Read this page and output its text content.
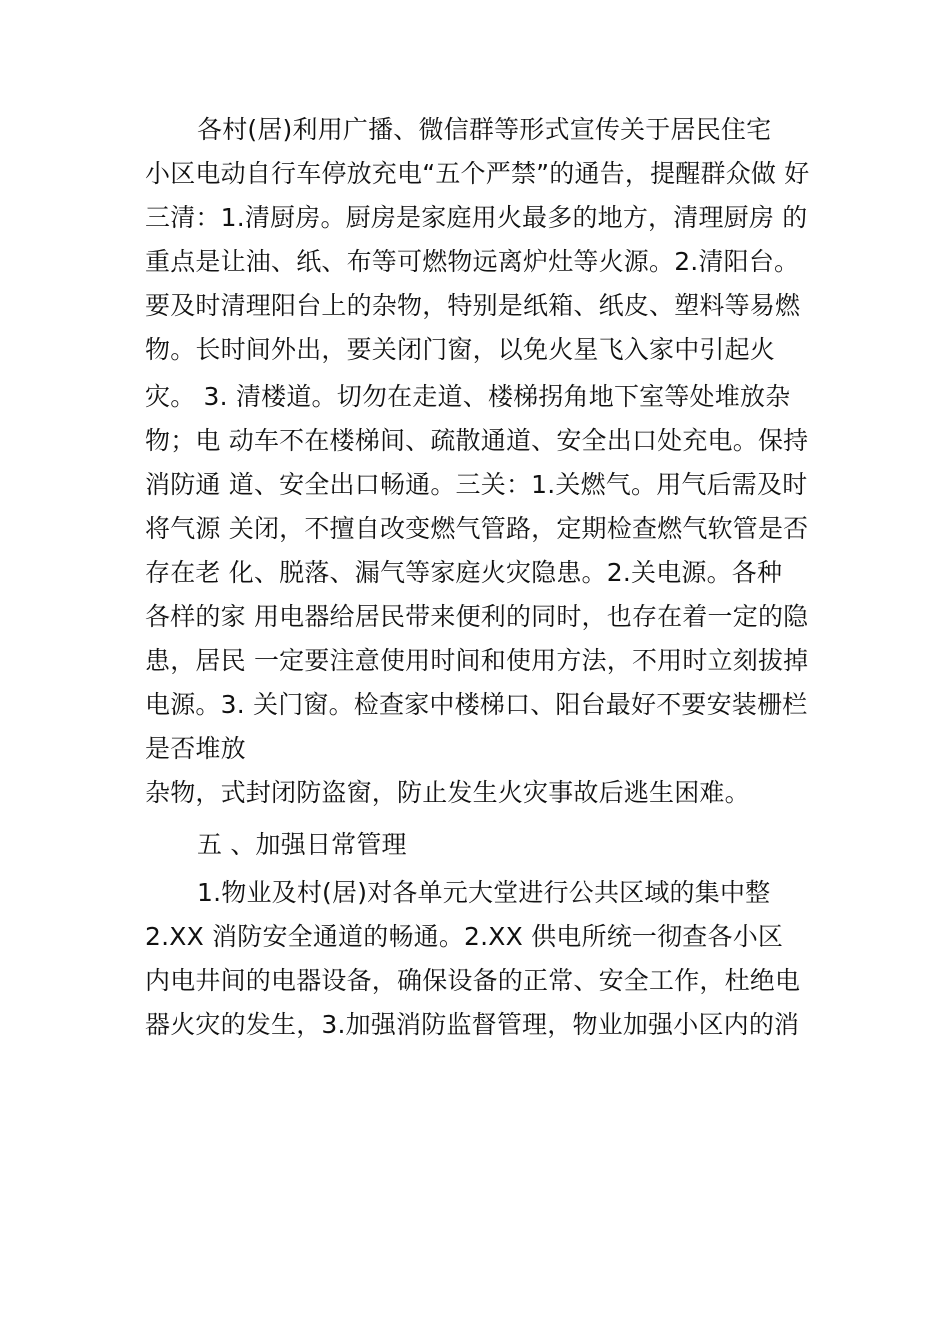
各村(居)利用广播、微信群等形式宣传关于居民住宅
小区电动自行车停放充电“五个严禁”的通告，提醒群众做 好
三清：1.清厨房。厨房是家庭用火最多的地方，清理厨房 的
重点是让油、纸、布等可燃物远离炉灶等火源。2.清阳台。
要及时清理阳台上的杂物，特别是纸箱、纸皮、塑料等易燃
物。长时间外出，要关闭门窗，以免火星飞入家中引起火
灾。 3. 清楼道。切勿在走道、楼梯拐角地下室等处堆放杂
物；电 动车不在楼梯间、疏散通道、安全出口处充电。保持
消防通 道、安全出口畅通。三关：1.关燃气。用气后需及时
将气源 关闭，不擅自改变燃气管路，定期检查燃气软管是否
存在老 化、脱落、漏气等家庭火灾隐患。2.关电源。各种
各样的家 用电器给居民带来便利的同时，也存在着一定的隐
患，居民 一定要注意使用时间和使用方法，不用时立刻拔掉
电源。3. 关门窗。检查家中楼梯口、阳台最好不要安装栅栏
是否堆放
杂物，式封闭防盗窗，防止发生火灾事故后逃生困难。
五 、加强日常管理
1.物业及村(居)对各单元大堂进行公共区域的集中整
2.XX 消防安全通道的畅通。2.XX 供电所统一彻查各小区
内电井间的电器设备，确保设备的正常、安全工作，杜绝电
器火灾的发生，3.加强消防监督管理，物业加强小区内的消
